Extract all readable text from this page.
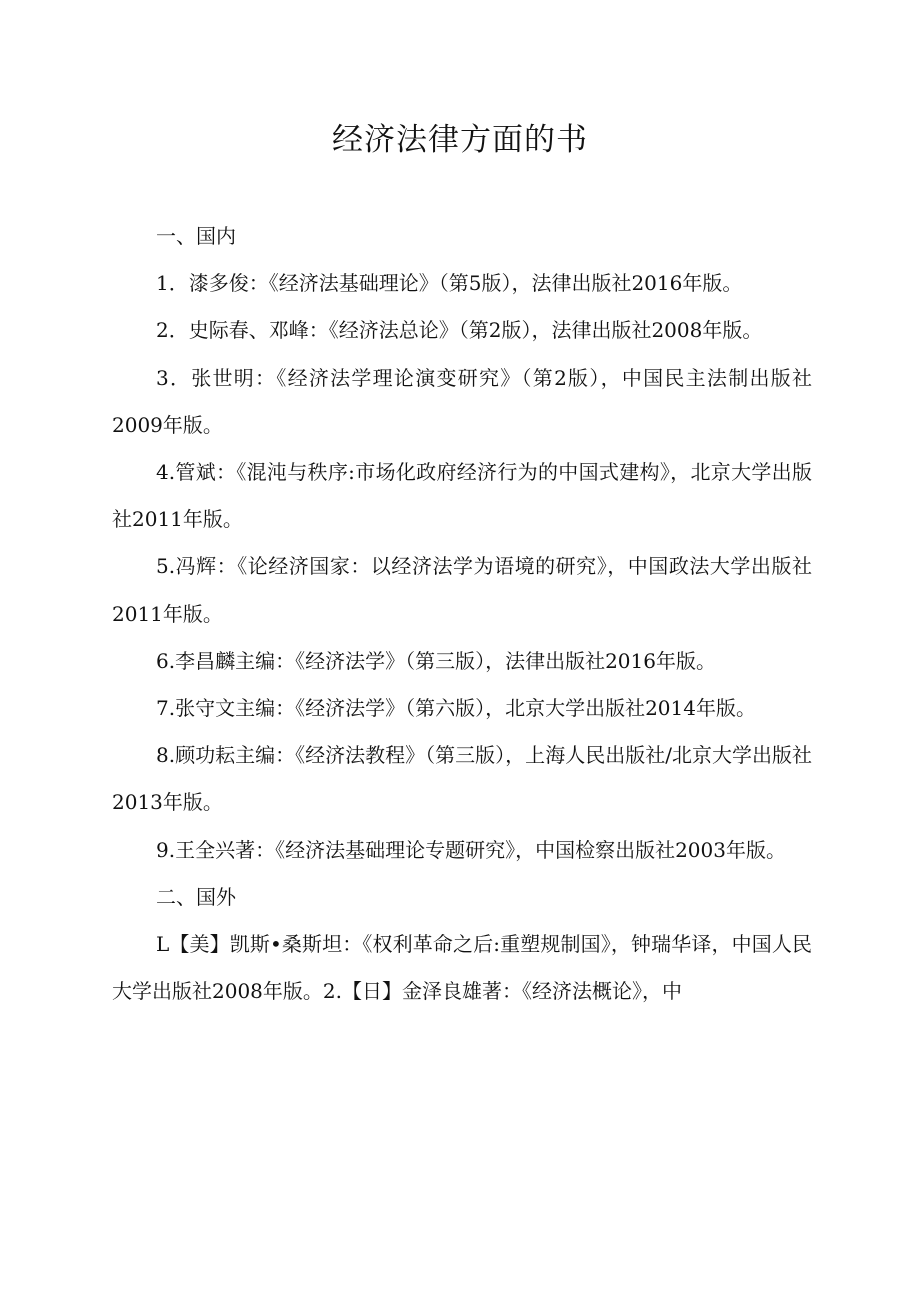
经济法律方面的书

一、国内

1．漆多俊：《经济法基础理论》（第5版），法律出版社2016年版。

2．史际春、邓峰：《经济法总论》（第2版），法律出版社2008年版。

3．张世明：《经济法学理论演变研究》（第2版），中国民主法制出版社2009年版。

4.管斌：《混沌与秩序:市场化政府经济行为的中国式建构》，北京大学出版社2011年版。

5.冯辉：《论经济国家：以经济法学为语境的研究》，中国政法大学出版社2011年版。

6.李昌麟主编：《经济法学》（第三版），法律出版社2016年版。

7.张守文主编：《经济法学》（第六版），北京大学出版社2014年版。

8.顾功耘主编：《经济法教程》（第三版），上海人民出版社/北京大学出版社2013年版。

9.王全兴著：《经济法基础理论专题研究》，中国检察出版社2003年版。

二、国外

L【美】凯斯•桑斯坦：《权利革命之后:重塑规制国》，钟瑞华译，中国人民大学出版社2008年版。2.【日】金泽良雄著：《经济法概论》，中
